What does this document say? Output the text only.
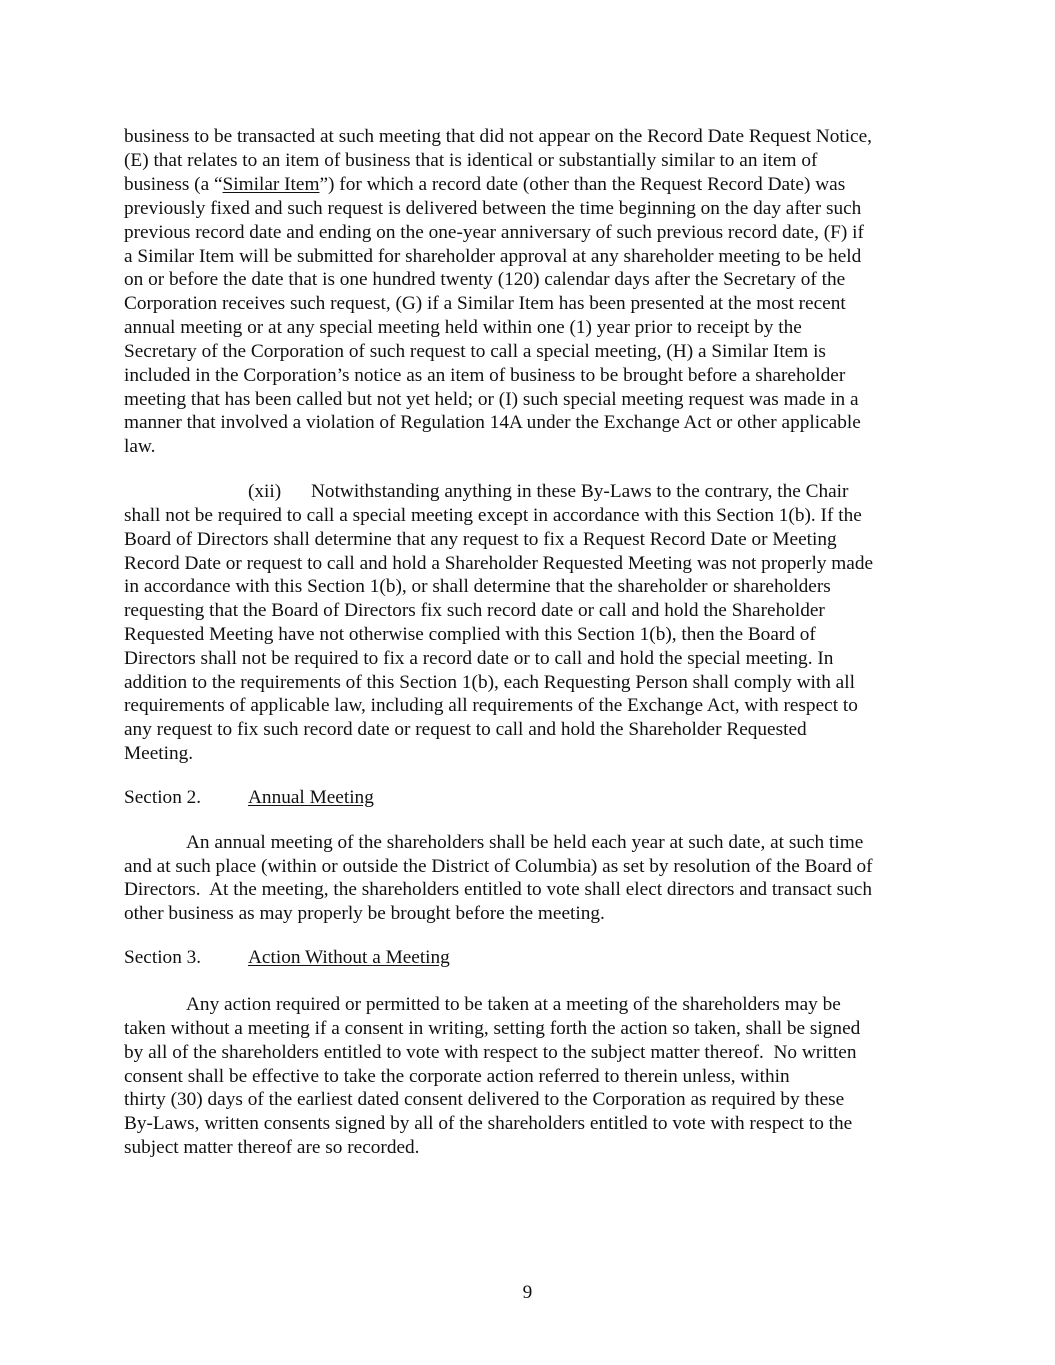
business to be transacted at such meeting that did not appear on the Record Date Request Notice,
(E) that relates to an item of business that is identical or substantially similar to an item of
business (a “Similar Item”) for which a record date (other than the Request Record Date) was
previously fixed and such request is delivered between the time beginning on the day after such
previous record date and ending on the one-year anniversary of such previous record date, (F) if
a Similar Item will be submitted for shareholder approval at any shareholder meeting to be held
on or before the date that is one hundred twenty (120) calendar days after the Secretary of the
Corporation receives such request, (G) if a Similar Item has been presented at the most recent
annual meeting or at any special meeting held within one (1) year prior to receipt by the
Secretary of the Corporation of such request to call a special meeting, (H) a Similar Item is
included in the Corporation’s notice as an item of business to be brought before a shareholder
meeting that has been called but not yet held; or (I) such special meeting request was made in a
manner that involved a violation of Regulation 14A under the Exchange Act or other applicable
law.
(xii) Notwithstanding anything in these By-Laws to the contrary, the Chair
shall not be required to call a special meeting except in accordance with this Section 1(b). If the
Board of Directors shall determine that any request to fix a Request Record Date or Meeting
Record Date or request to call and hold a Shareholder Requested Meeting was not properly made
in accordance with this Section 1(b), or shall determine that the shareholder or shareholders
requesting that the Board of Directors fix such record date or call and hold the Shareholder
Requested Meeting have not otherwise complied with this Section 1(b), then the Board of
Directors shall not be required to fix a record date or to call and hold the special meeting. In
addition to the requirements of this Section 1(b), each Requesting Person shall comply with all
requirements of applicable law, including all requirements of the Exchange Act, with respect to
any request to fix such record date or request to call and hold the Shareholder Requested
Meeting.
Section 2. Annual Meeting
An annual meeting of the shareholders shall be held each year at such date, at such time
and at such place (within or outside the District of Columbia) as set by resolution of the Board of
Directors.  At the meeting, the shareholders entitled to vote shall elect directors and transact such
other business as may properly be brought before the meeting.
Section 3. Action Without a Meeting
Any action required or permitted to be taken at a meeting of the shareholders may be
taken without a meeting if a consent in writing, setting forth the action so taken, shall be signed
by all of the shareholders entitled to vote with respect to the subject matter thereof.  No written
consent shall be effective to take the corporate action referred to therein unless, within
thirty (30) days of the earliest dated consent delivered to the Corporation as required by these
By-Laws, written consents signed by all of the shareholders entitled to vote with respect to the
subject matter thereof are so recorded.
9
